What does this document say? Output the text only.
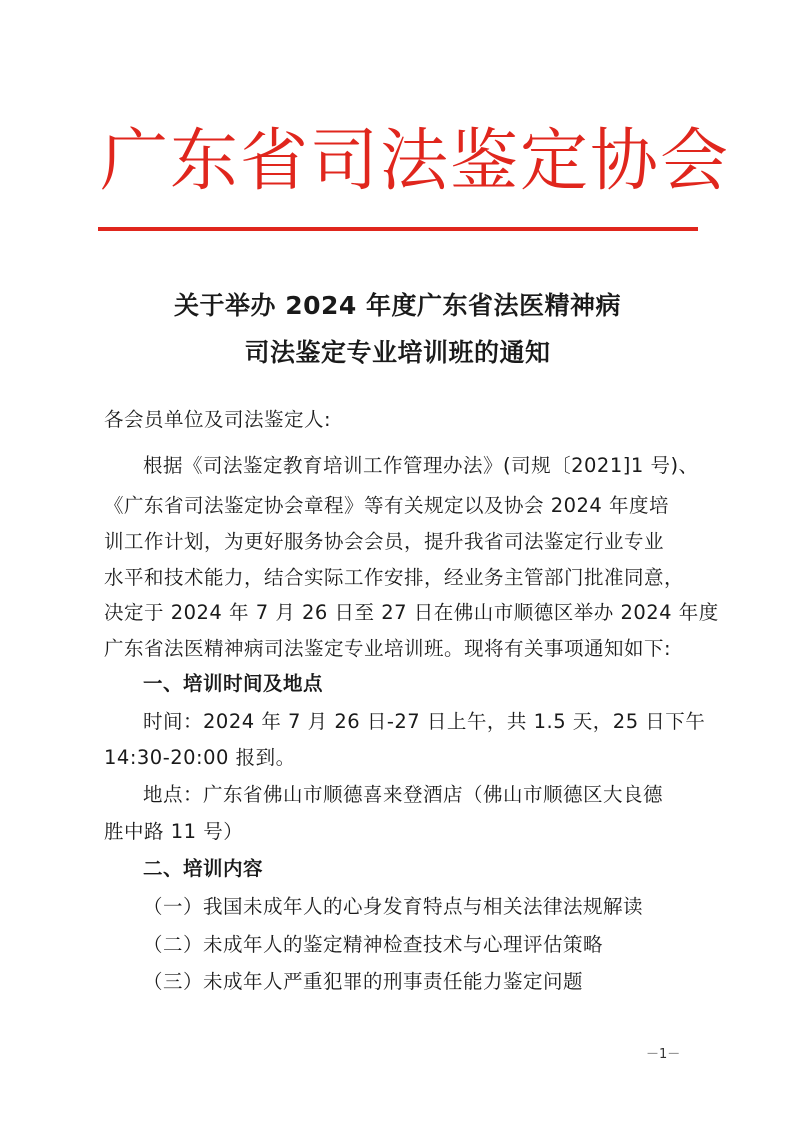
广东省司法鉴定协会
关于举办 2024 年度广东省法医精神病
司法鉴定专业培训班的通知
各会员单位及司法鉴定人:
根据《司法鉴定教育培训工作管理办法》(司规〔2021]1 号)、
《广东省司法鉴定协会章程》等有关规定以及协会 2024 年度培
训工作计划，为更好服务协会会员，提升我省司法鉴定行业专业
水平和技术能力，结合实际工作安排，经业务主管部门批准同意，
决定于 2024 年 7 月 26 日至 27 日在佛山市顺德区举办 2024 年度
广东省法医精神病司法鉴定专业培训班。现将有关事项通知如下:
一、培训时间及地点
时间：2024 年 7 月 26 日-27 日上午，共 1.5 天，25 日下午
14:30-20:00 报到。
地点：广东省佛山市顺德喜来登酒店（佛山市顺德区大良德
胜中路 11 号）
二、培训内容
（一）我国未成年人的心身发育特点与相关法律法规解读
（二）未成年人的鉴定精神检查技术与心理评估策略
（三）未成年人严重犯罪的刑事责任能力鉴定问题
－1－
